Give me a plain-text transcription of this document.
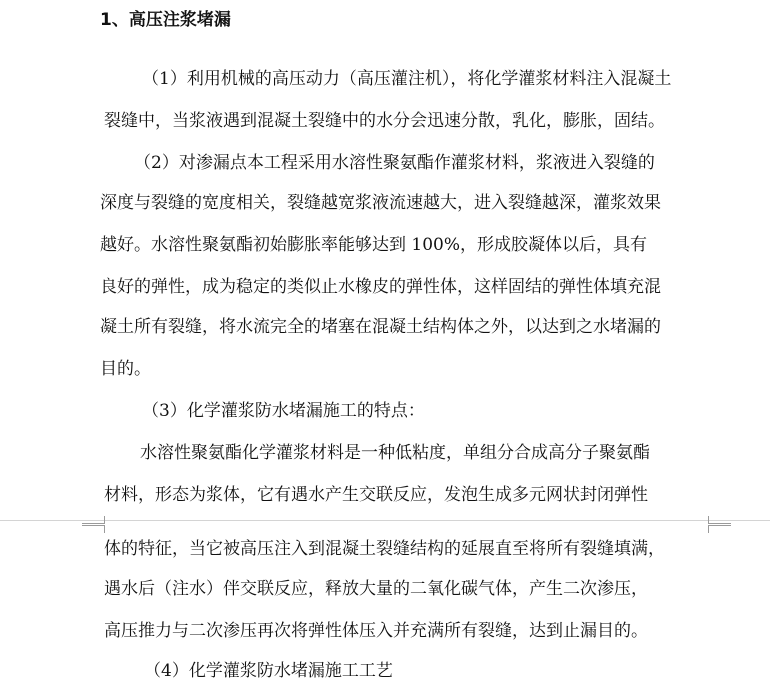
1、高压注浆堵漏
（1）利用机械的高压动力（高压灌注机），将化学灌浆材料注入混凝土
裂缝中，当浆液遇到混凝土裂缝中的水分会迅速分散，乳化，膨胀，固结。
（2）对渗漏点本工程采用水溶性聚氨酯作灌浆材料，浆液进入裂缝的
深度与裂缝的宽度相关，裂缝越宽浆液流速越大，进入裂缝越深，灌浆效果
越好。水溶性聚氨酯初始膨胀率能够达到 100%，形成胶凝体以后，具有
良好的弹性，成为稳定的类似止水橡皮的弹性体，这样固结的弹性体填充混
凝土所有裂缝，将水流完全的堵塞在混凝土结构体之外，以达到之水堵漏的
目的。
（3）化学灌浆防水堵漏施工的特点：
水溶性聚氨酯化学灌浆材料是一种低粘度，单组分合成高分子聚氨酯
材料，形态为浆体，它有遇水产生交联反应，发泡生成多元网状封闭弹性
体的特征，当它被高压注入到混凝土裂缝结构的延展直至将所有裂缝填满，
遇水后（注水）伴交联反应，释放大量的二氧化碳气体，产生二次渗压，
高压推力与二次渗压再次将弹性体压入并充满所有裂缝，达到止漏目的。
（4）化学灌浆防水堵漏施工工艺
